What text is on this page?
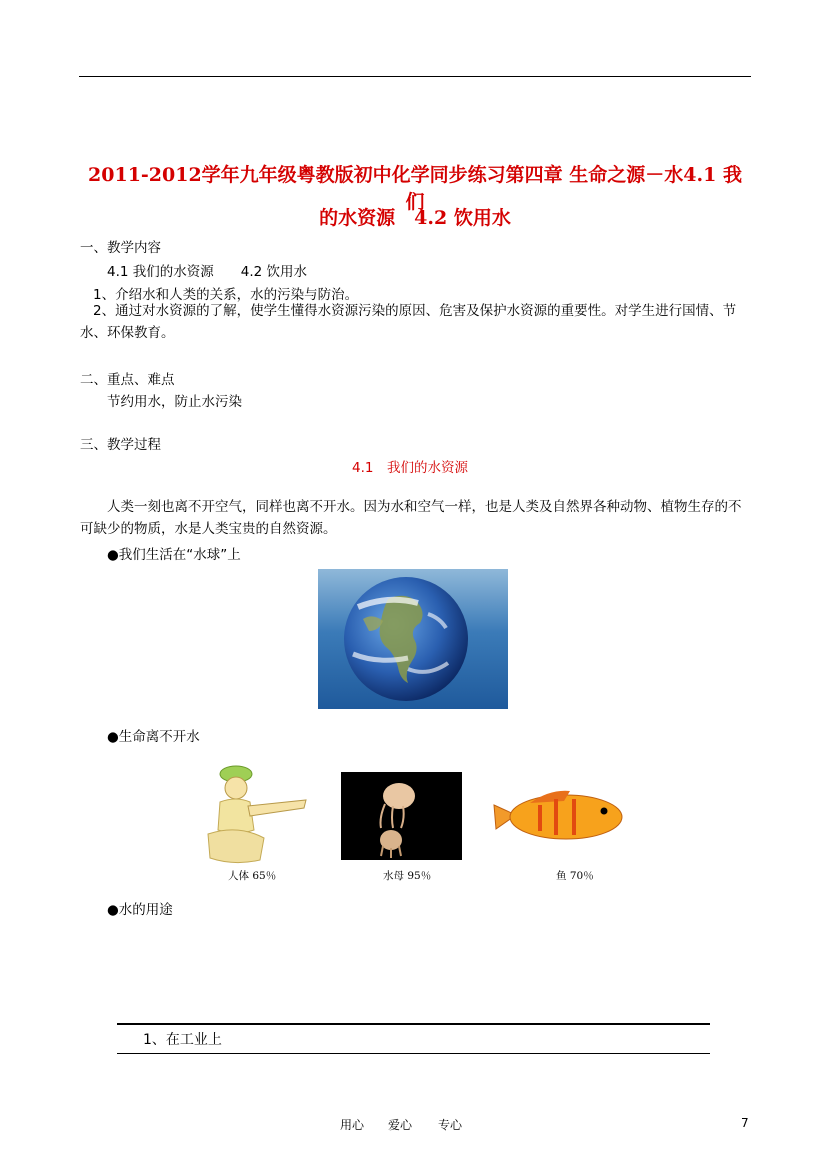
2011-2012学年九年级粤教版初中化学同步练习第四章 生命之源－水4.1 我们
的水资源　4.2 饮用水
一、教学内容
4.1 我们的水资源　　4.2 饮用水
1、介绍水和人类的关系，水的污染与防治。
2、通过对水资源的了解，使学生懂得水资源污染的原因、危害及保护水资源的重要性。对学生进行国情、节水、环保教育。
二、重点、难点
节约用水，防止水污染
三、教学过程
4.1　我们的水资源
人类一刻也离不开空气，同样也离不开水。因为水和空气一样，也是人类及自然界各种动物、植物生存的不可缺少的物质，水是人类宝贵的自然资源。
●我们生活在“水球”上
●生命离不开水
人体 65％	水母 95％	鱼 70％
●水的用途
1、在工业上
用心 爱心 专心	7
